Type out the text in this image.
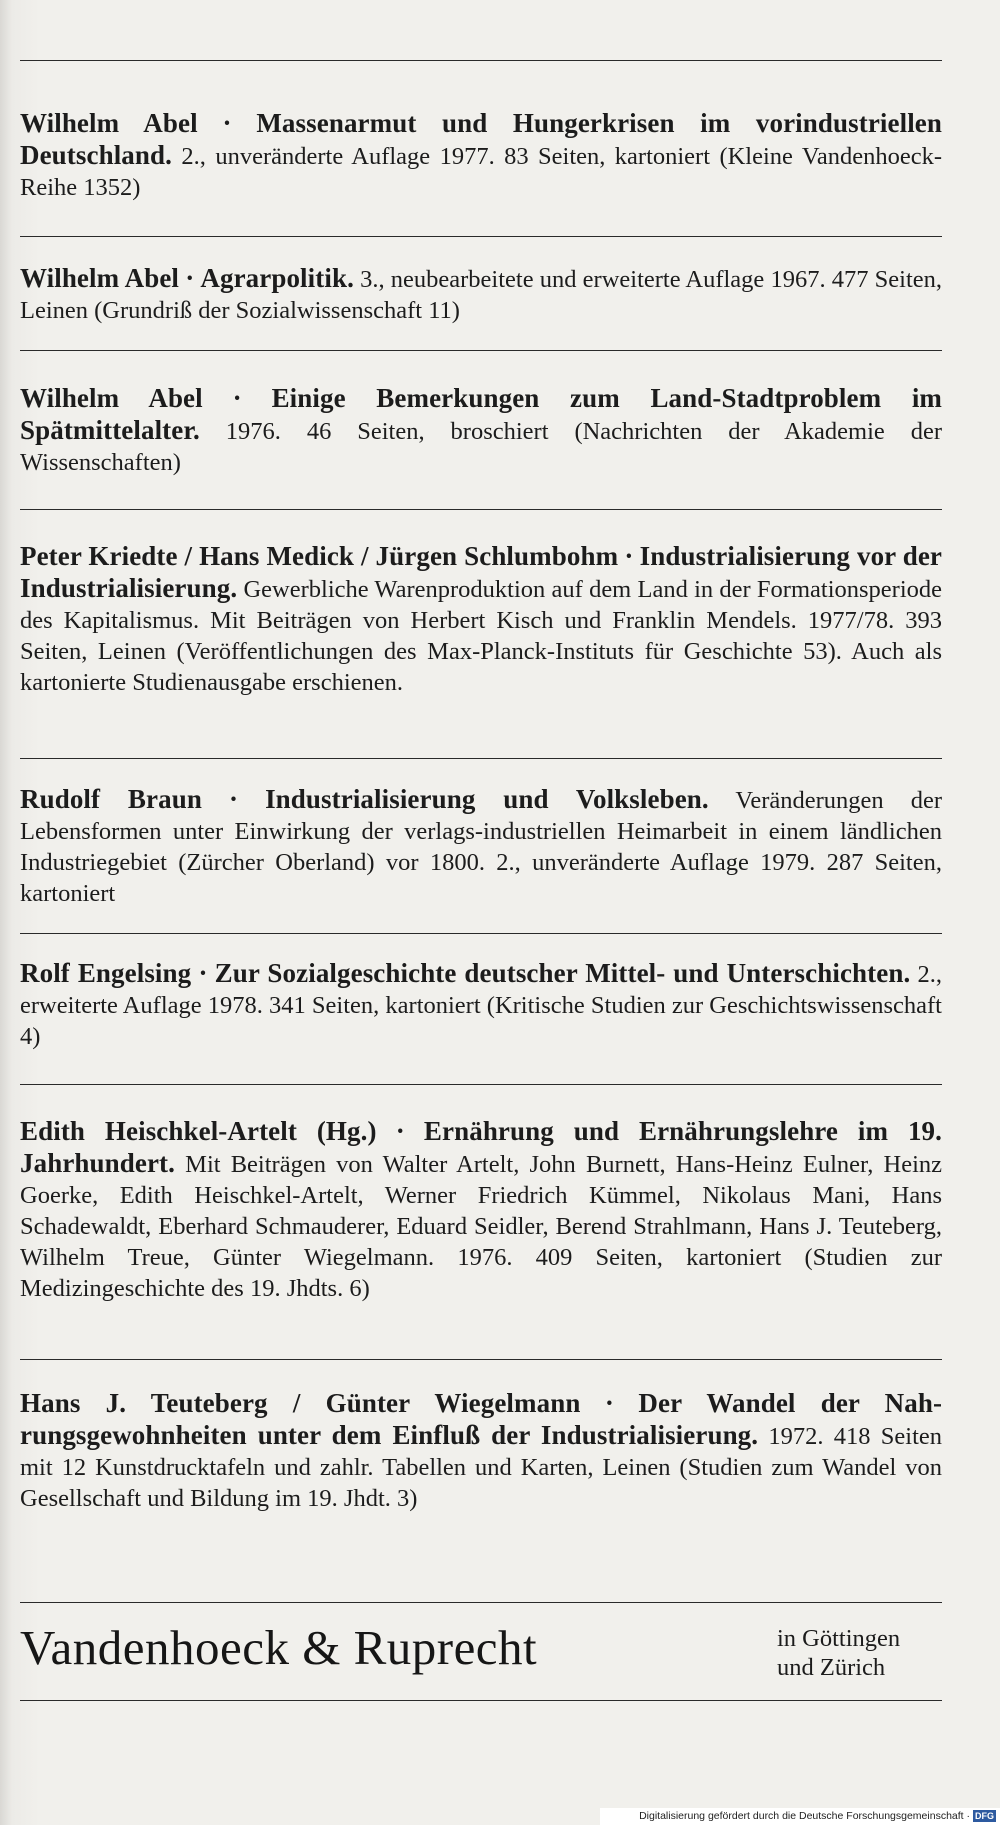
Wilhelm Abel · Massenarmut und Hungerkrisen im vorindustriellen Deutschland. 2., unveränderte Auflage 1977. 83 Seiten, kartoniert (Kleine Vandenhoeck-Reihe 1352)
Wilhelm Abel · Agrarpolitik. 3., neubearbeitete und erweiterte Auflage 1967. 477 Seiten, Leinen (Grundriß der Sozialwissenschaft 11)
Wilhelm Abel · Einige Bemerkungen zum Land-Stadtproblem im Spätmittelalter. 1976. 46 Seiten, broschiert (Nachrichten der Akademie der Wissenschaften)
Peter Kriedte / Hans Medick / Jürgen Schlumbohm · Industrialisierung vor der Industrialisierung. Gewerbliche Warenproduktion auf dem Land in der Formationsperiode des Kapitalismus. Mit Beiträgen von Herbert Kisch und Franklin Mendels. 1977/78. 393 Seiten, Leinen (Veröffentlichungen des Max-Planck-Instituts für Geschichte 53). Auch als kartonierte Studienausgabe erschienen.
Rudolf Braun · Industrialisierung und Volksleben. Veränderungen der Lebensformen unter Einwirkung der verlags-industriellen Heimarbeit in einem ländlichen Industriegebiet (Zürcher Oberland) vor 1800. 2., unveränderte Auflage 1979. 287 Seiten, kartoniert
Rolf Engelsing · Zur Sozialgeschichte deutscher Mittel- und Unterschichten. 2., erweiterte Auflage 1978. 341 Seiten, kartoniert (Kritische Studien zur Geschichtswissenschaft 4)
Edith Heischkel-Artelt (Hg.) · Ernährung und Ernährungslehre im 19. Jahrhundert. Mit Beiträgen von Walter Artelt, John Burnett, Hans-Heinz Eulner, Heinz Goerke, Edith Heischkel-Artelt, Werner Friedrich Kümmel, Nikolaus Mani, Hans Schadewaldt, Eberhard Schmauderer, Eduard Seidler, Berend Strahlmann, Hans J. Teuteberg, Wilhelm Treue, Günter Wiegelmann. 1976. 409 Seiten, kartoniert (Studien zur Medizingeschichte des 19. Jhdts. 6)
Hans J. Teuteberg / Günter Wiegelmann · Der Wandel der Nahrungsgewohnheiten unter dem Einfluß der Industrialisierung. 1972. 418 Seiten mit 12 Kunstdrucktafeln und zahlr. Tabellen und Karten, Leinen (Studien zum Wandel von Gesellschaft und Bildung im 19. Jhdt. 3)
Vandenhoeck & Ruprecht	in Göttingen
und Zürich
Digitalisierung gefördert durch die Deutsche Forschungsgemeinschaft · DFG
